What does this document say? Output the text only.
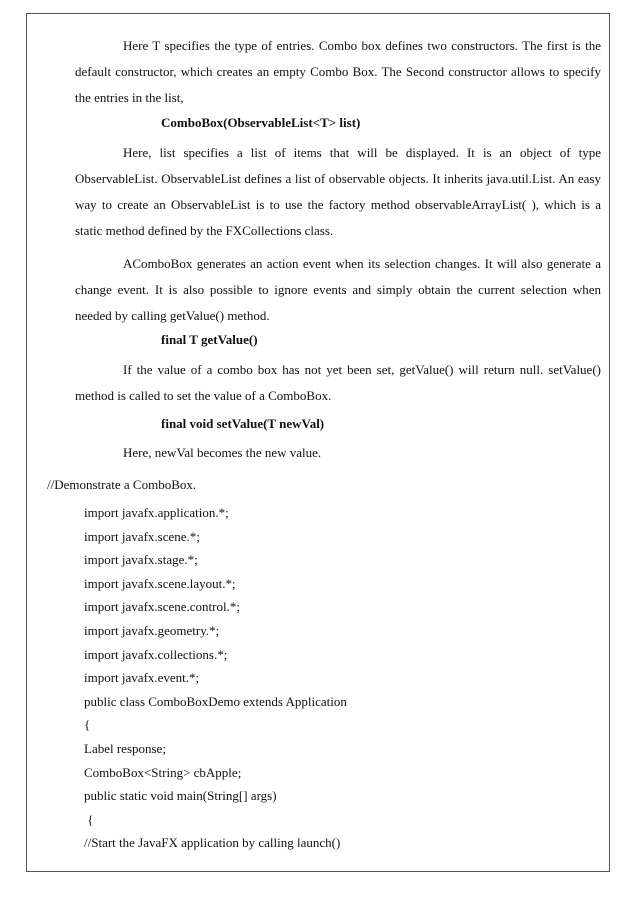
Here T specifies the type of entries. Combo box defines two constructors. The first is the default constructor, which creates an empty Combo Box. The Second constructor allows to specify the entries in the list,

ComboBox(ObservableList<T> list)

Here, list specifies a list of items that will be displayed. It is an object of type ObservableList. ObservableList defines a list of observable objects. It inherits java.util.List. An easy way to create an ObservableList is to use the factory method observableArrayList( ), which is a static method defined by the FXCollections class.

AComboBox generates an action event when its selection changes. It will also generate a change event. It is also possible to ignore events and simply obtain the current selection when needed by calling getValue() method.

final T getValue()

If the value of a combo box has not yet been set, getValue() will return null. setValue() method is called to set the value of a ComboBox.

final void setValue(T newVal)

Here, newVal becomes the new value.

//Demonstrate a ComboBox.

import javafx.application.*;
import javafx.scene.*;
import javafx.stage.*;
import javafx.scene.layout.*;
import javafx.scene.control.*;
import javafx.geometry.*;
import javafx.collections.*;
import javafx.event.*;
public class ComboBoxDemo extends Application
{
Label response;
ComboBox<String> cbApple;
public static void main(String[] args)
{
//Start the JavaFX application by calling launch()
